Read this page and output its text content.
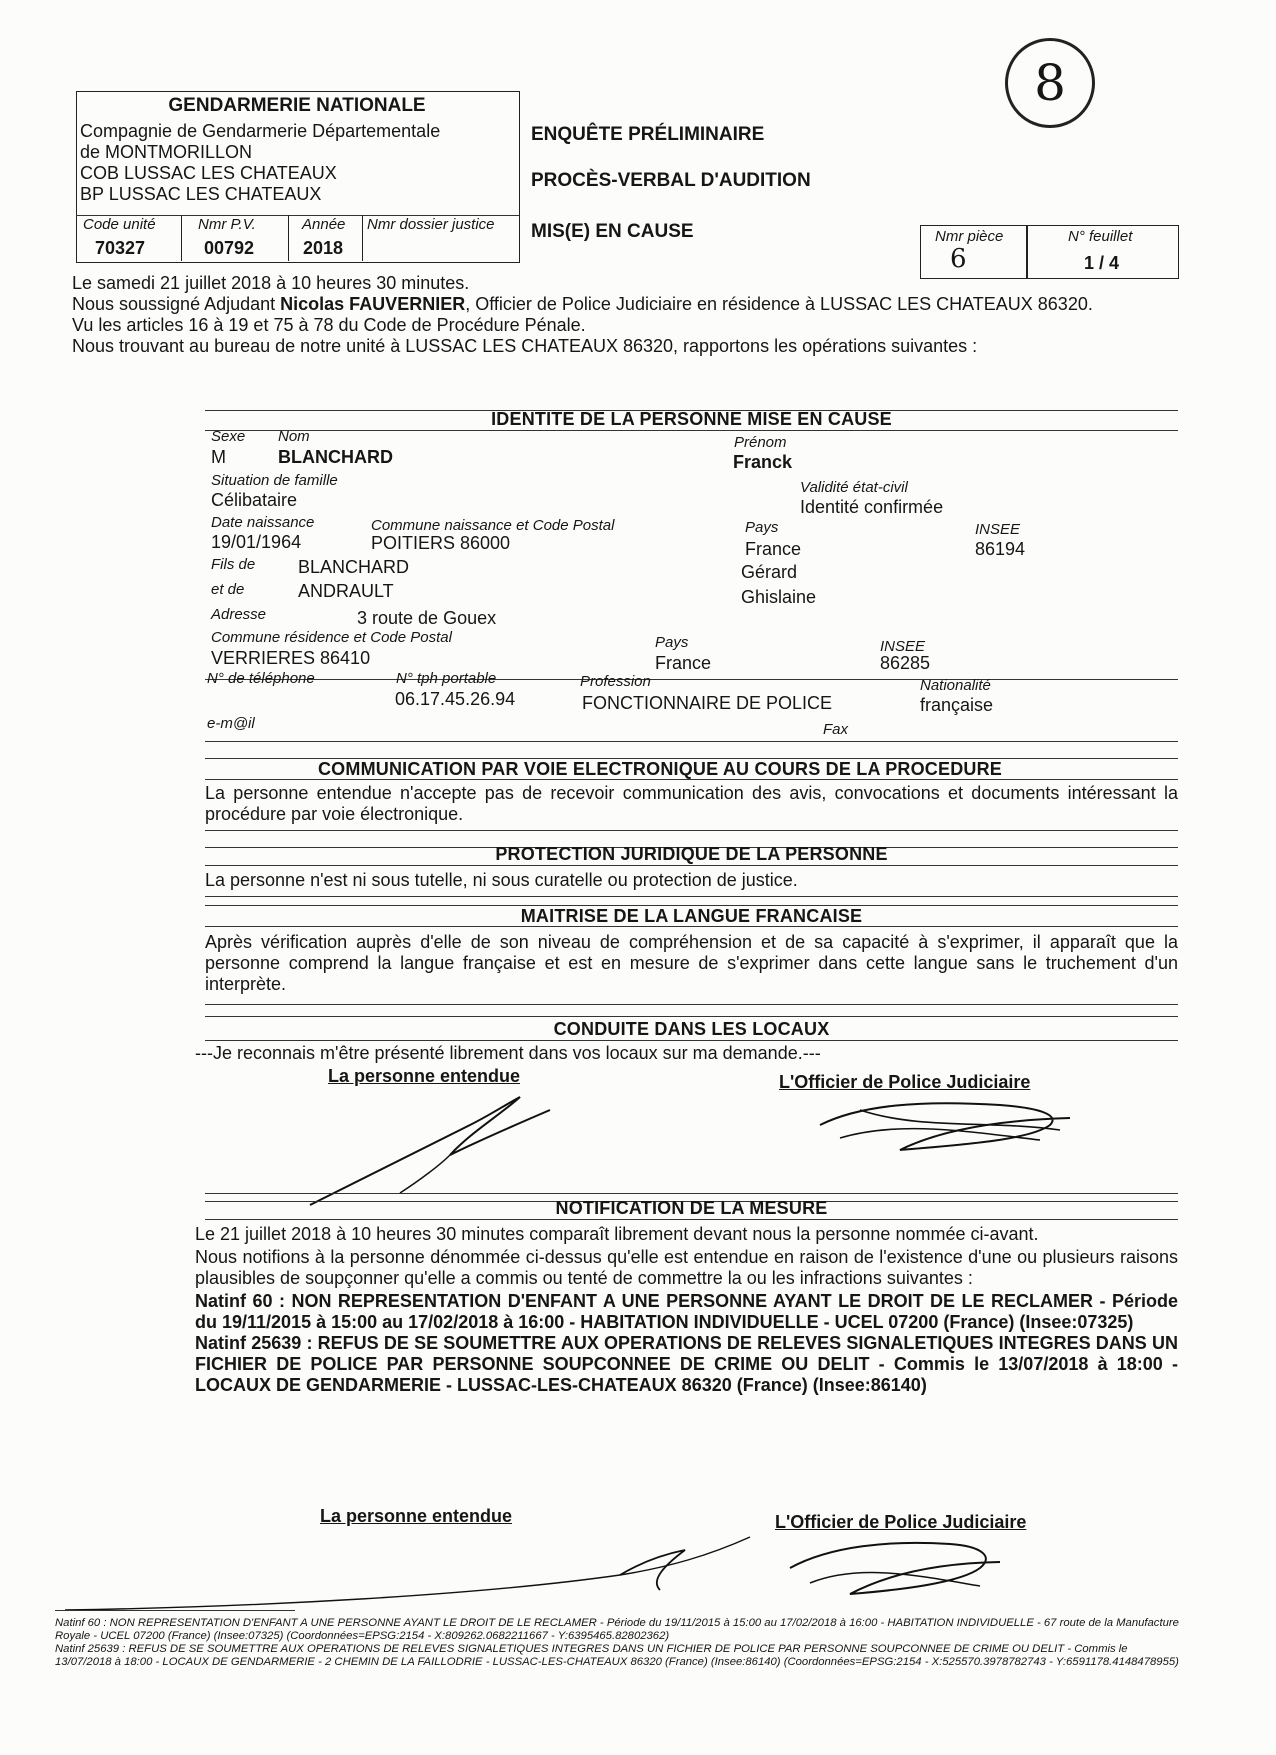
8
GENDARMERIE NATIONALE
Compagnie de Gendarmerie Départementale
de MONTMORILLON
COB LUSSAC LES CHATEAUX
BP LUSSAC LES CHATEAUX
Code unité
70327
Nmr P.V.
00792
Année
2018
Nmr dossier justice
ENQUÊTE PRÉLIMINAIRE
PROCÈS-VERBAL D'AUDITION
MIS(E) EN CAUSE	Nmr pièce
6
N° feuillet
1 / 4
Le samedi 21 juillet 2018 à 10 heures 30 minutes.
Nous soussigné Adjudant Nicolas FAUVERNIER, Officier de Police Judiciaire en résidence à LUSSAC LES CHATEAUX 86320.
Vu les articles 16 à 19 et 75 à 78 du Code de Procédure Pénale.
Nous trouvant au bureau de notre unité à LUSSAC LES CHATEAUX 86320, rapportons les opérations suivantes :
IDENTITE DE LA PERSONNE MISE EN CAUSE
Sexe
M
Nom
BLANCHARD
Prénom
Franck
Situation de famille
Célibataire
Validité état-civil
Identité confirmée
Date naissance
19/01/1964
Commune naissance et Code Postal
POITIERS 86000
Pays
France
INSEE
86194
Fils de BLANCHARD	Gérard
et de	ANDRAULT	Ghislaine
Adresse	3 route de Gouex
Commune résidence et Code Postal
VERRIERES 86410
Pays
France
INSEE
86285
N° de téléphone	N° tph portable
06.17.45.26.94
Profession
FONCTIONNAIRE DE POLICE
Nationalité
française
e-m@il	Fax
COMMUNICATION PAR VOIE ELECTRONIQUE AU COURS DE LA PROCEDURE
La personne entendue n'accepte pas de recevoir communication des avis, convocations et documents intéressant la procédure par voie électronique.
PROTECTION JURIDIQUE DE LA PERSONNE
La personne n'est ni sous tutelle, ni sous curatelle ou protection de justice.
MAITRISE DE LA LANGUE FRANCAISE
Après vérification auprès d'elle de son niveau de compréhension et de sa capacité à s'exprimer, il apparaît que la personne comprend la langue française et est en mesure de s'exprimer dans cette langue sans le truchement d'un interprète.
CONDUITE DANS LES LOCAUX
---Je reconnais m'être présenté librement dans vos locaux sur ma demande.---
La personne entendue	L'Officier de Police Judiciaire
NOTIFICATION DE LA MESURE
Le 21 juillet 2018 à 10 heures 30 minutes comparaît librement devant nous la personne nommée ci-avant.
Nous notifions à la personne dénommée ci-dessus qu'elle est entendue en raison de l'existence d'une ou plusieurs raisons plausibles de soupçonner qu'elle a commis ou tenté de commettre la ou les infractions suivantes :
Natinf 60 : NON REPRESENTATION D'ENFANT A UNE PERSONNE AYANT LE DROIT DE LE RECLAMER - Période du 19/11/2015 à 15:00 au 17/02/2018 à 16:00 - HABITATION INDIVIDUELLE - UCEL 07200 (France) (Insee:07325)
Natinf 25639 : REFUS DE SE SOUMETTRE AUX OPERATIONS DE RELEVES SIGNALETIQUES INTEGRES DANS UN FICHIER DE POLICE PAR PERSONNE SOUPCONNEE DE CRIME OU DELIT - Commis le 13/07/2018 à 18:00 - LOCAUX DE GENDARMERIE - LUSSAC-LES-CHATEAUX 86320 (France) (Insee:86140)
La personne entendue	L'Officier de Police Judiciaire
Natinf 60 : NON REPRESENTATION D'ENFANT A UNE PERSONNE AYANT LE DROIT DE LE RECLAMER - Période du 19/11/2015 à 15:00 au 17/02/2018 à 16:00 - HABITATION INDIVIDUELLE - 67 route de la Manufacture Royale - UCEL 07200 (France) (Insee:07325) (Coordonnées=EPSG:2154 - X:809262.0682211667 - Y:6395465.82802362)
Natinf 25639 : REFUS DE SE SOUMETTRE AUX OPERATIONS DE RELEVES SIGNALETIQUES INTEGRES DANS UN FICHIER DE POLICE PAR PERSONNE SOUPCONNEE DE CRIME OU DELIT - Commis le 13/07/2018 à 18:00 - LOCAUX DE GENDARMERIE - 2 CHEMIN DE LA FAILLODRIE - LUSSAC-LES-CHATEAUX 86320 (France) (Insee:86140) (Coordonnées=EPSG:2154 - X:525570.3978782743 - Y:6591178.4148478955)
